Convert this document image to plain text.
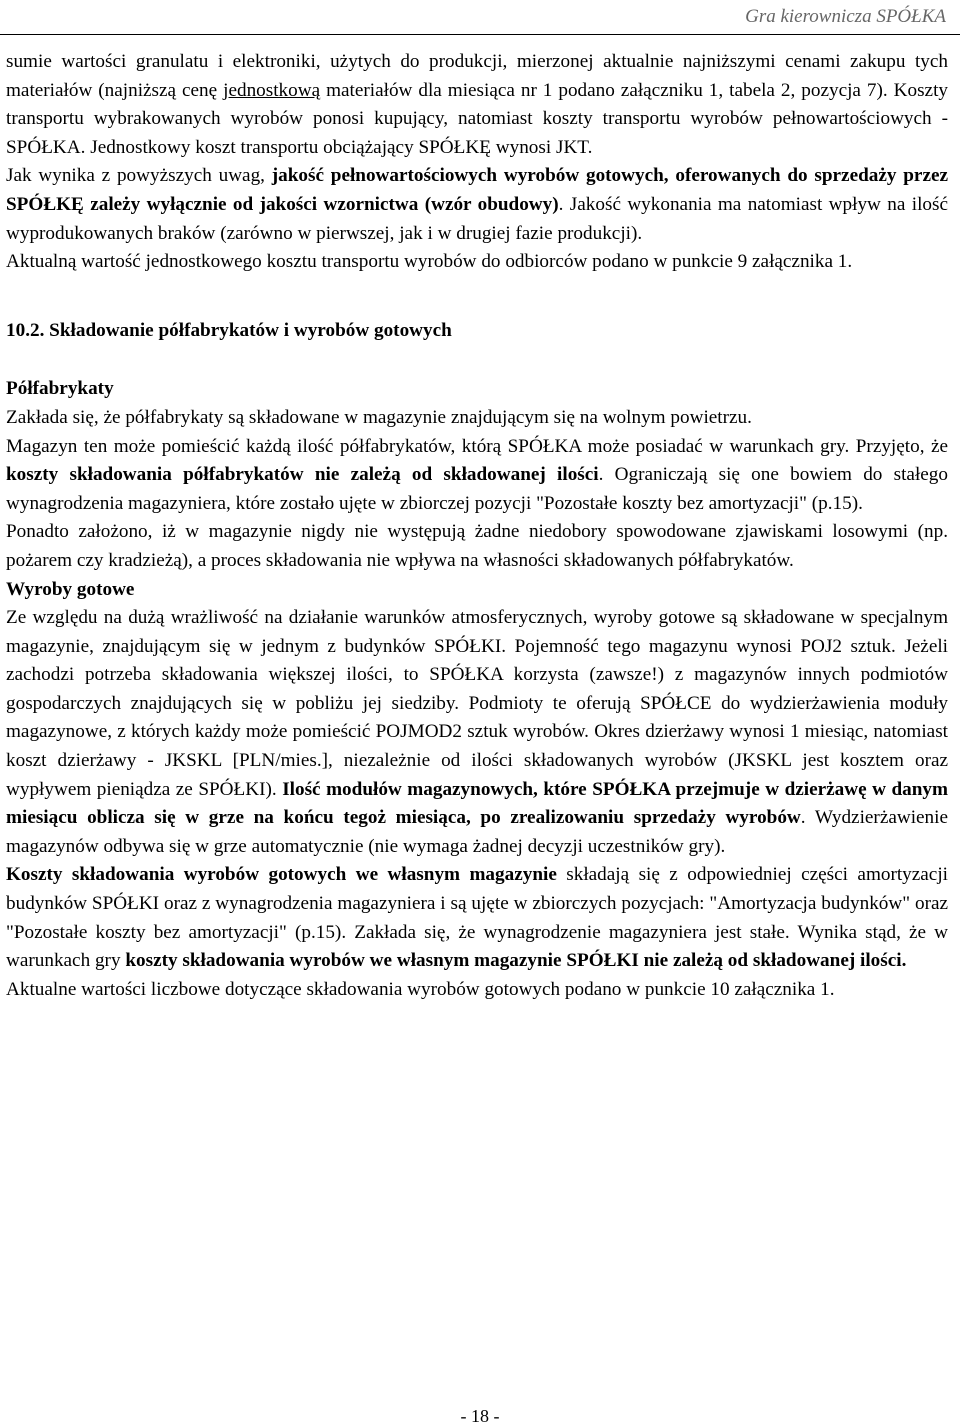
Gra kierownicza SPÓŁKA

sumie wartości granulatu i elektroniki, użytych do produkcji, mierzonej aktualnie najniższymi cenami zakupu tych materiałów (najniższą cenę jednostkową materiałów dla miesiąca nr 1 podano załączniku 1, tabela 2, pozycja 7). Koszty transportu wybrakowanych wyrobów ponosi kupujący, natomiast koszty transportu wyrobów pełnowartościowych - SPÓŁKA. Jednostkowy koszt transportu obciążający SPÓŁKĘ wynosi JKT.

Jak wynika z powyższych uwag, jakość pełnowartościowych wyrobów gotowych, oferowanych do sprzedaży przez SPÓŁKĘ zależy wyłącznie od jakości wzornictwa (wzór obudowy). Jakość wykonania ma natomiast wpływ na ilość wyprodukowanych braków (zarówno w pierwszej, jak i w drugiej fazie produkcji).

Aktualną wartość jednostkowego kosztu transportu wyrobów do odbiorców podano w punkcie 9 załącznika 1.

10.2. Składowanie półfabrykatów i wyrobów gotowych

Półfabrykaty

Zakłada się, że półfabrykaty są składowane w magazynie znajdującym się na wolnym powietrzu.

Magazyn ten może pomieścić każdą ilość półfabrykatów, którą SPÓŁKA może posiadać w warunkach gry. Przyjęto, że koszty składowania półfabrykatów nie zależą od składowanej ilości. Ograniczają się one bowiem do stałego wynagrodzenia magazyniera, które zostało ujęte w zbiorczej pozycji "Pozostałe koszty bez amortyzacji" (p.15).

Ponadto założono, iż w magazynie nigdy nie występują żadne niedobory spowodowane zjawiskami losowymi (np. pożarem czy kradzieżą), a proces składowania nie wpływa na własności składowanych półfabrykatów.

Wyroby gotowe

Ze względu na dużą wrażliwość na działanie warunków atmosferycznych, wyroby gotowe są składowane w specjalnym magazynie, znajdującym się w jednym z budynków SPÓŁKI. Pojemność tego magazynu wynosi POJ2 sztuk. Jeżeli zachodzi potrzeba składowania większej ilości, to SPÓŁKA korzysta (zawsze!) z magazynów innych podmiotów gospodarczych znajdujących się w pobliżu jej siedziby. Podmioty te oferują SPÓŁCE do wydzierżawienia moduły magazynowe, z których każdy może pomieścić POJMOD2 sztuk wyrobów. Okres dzierżawy wynosi 1 miesiąc, natomiast koszt dzierżawy - JKSKL [PLN/mies.], niezależnie od ilości składowanych wyrobów (JKSKL jest kosztem oraz wypływem pieniądza ze SPÓŁKI). Ilość modułów magazynowych, które SPÓŁKA przejmuje w dzierżawę w danym miesiącu oblicza się w grze na końcu tegoż miesiąca, po zrealizowaniu sprzedaży wyrobów. Wydzierżawienie magazynów odbywa się w grze automatycznie (nie wymaga żadnej decyzji uczestników gry).

Koszty składowania wyrobów gotowych we własnym magazynie składają się z odpowiedniej części amortyzacji budynków SPÓŁKI oraz z wynagrodzenia magazyniera i są ujęte w zbiorczych pozycjach: "Amortyzacja budynków" oraz "Pozostałe koszty bez amortyzacji" (p.15). Zakłada się, że wynagrodzenie magazyniera jest stałe. Wynika stąd, że w warunkach gry koszty składowania wyrobów we własnym magazynie SPÓŁKI nie zależą od składowanej ilości.

Aktualne wartości liczbowe dotyczące składowania wyrobów gotowych podano w punkcie 10 załącznika 1.

- 18 -
